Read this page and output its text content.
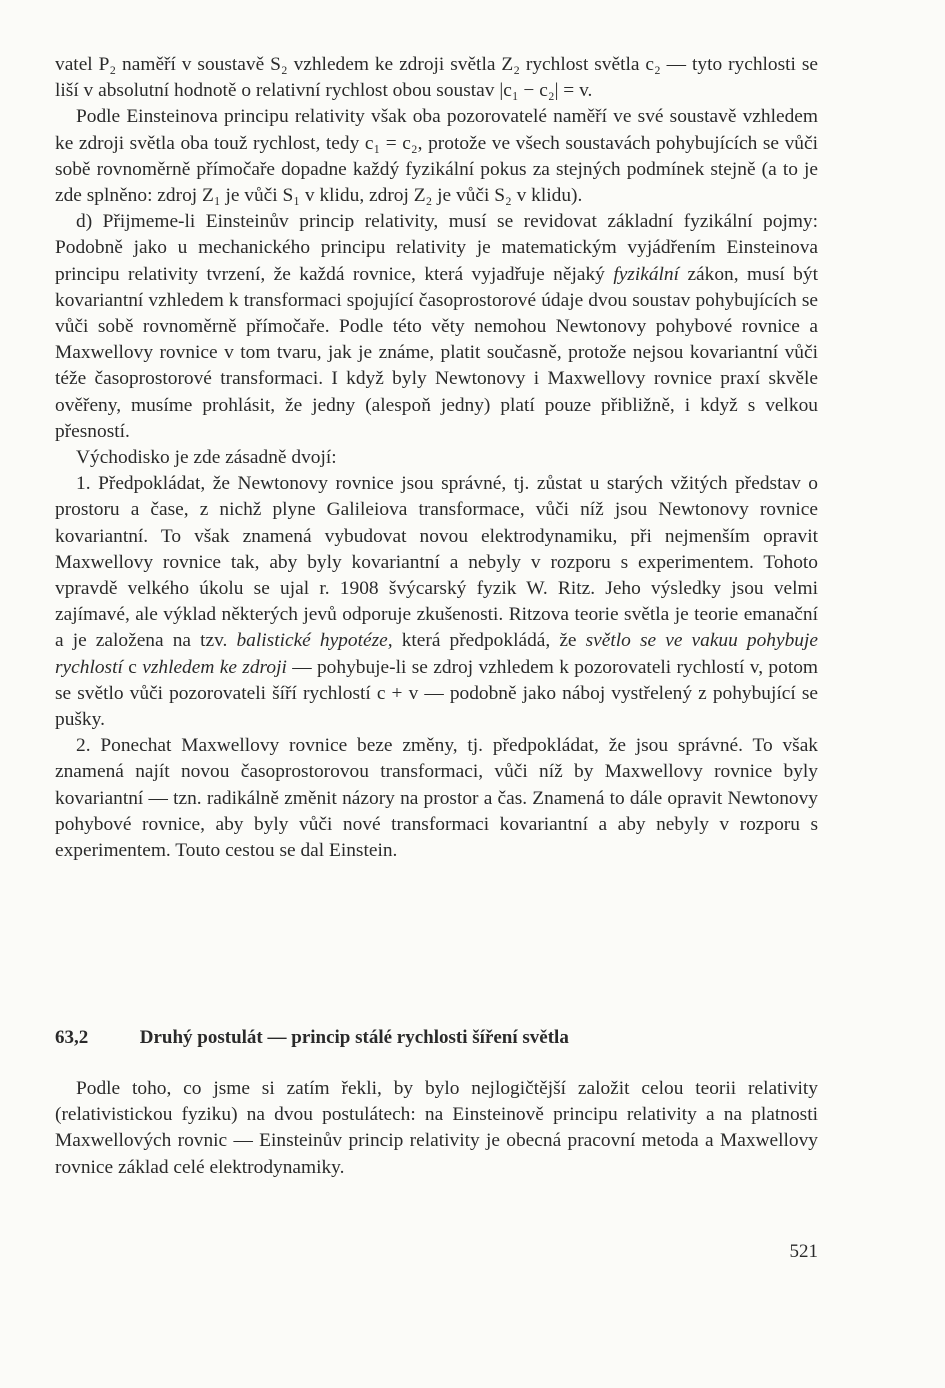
vatel P₂ naměří v soustavě S₂ vzhledem ke zdroji světla Z₂ rychlost světla c₂ — tyto rychlosti se liší v absolutní hodnotě o relativní rychlost obou soustav |c₁ − c₂| = v.

Podle Einsteinova principu relativity však oba pozorovatelé naměří ve své soustavě vzhledem ke zdroji světla oba touž rychlost, tedy c₁ = c₂, protože ve všech soustavách pohybujících se vůči sobě rovnoměrně přímočaře dopadne každý fyzikální pokus za stejných podmínek stejně (a to je zde splněno: zdroj Z₁ je vůči S₁ v klidu, zdroj Z₂ je vůči S₂ v klidu).

d) Přijmeme-li Einsteinův princip relativity, musí se revidovat základní fyzikální pojmy: Podobně jako u mechanického principu relativity je matematickým vyjádřením Einsteinova principu relativity tvrzení, že každá rovnice, která vyjadřuje nějaký fyzikální zákon, musí být kovariantní vzhledem k transformaci spojující časoprostorové údaje dvou soustav pohybujících se vůči sobě rovnoměrně přímočaře. Podle této věty nemohou Newtonovy pohybové rovnice a Maxwellovy rovnice v tom tvaru, jak je známe, platit současně, protože nejsou kovariantní vůči téže časoprostorové transformaci. I když byly Newtonovy i Maxwellovy rovnice praxí skvěle ověřeny, musíme prohlásit, že jedny (alespoň jedny) platí pouze přibližně, i když s velkou přesností.

Východisko je zde zásadně dvojí:

1. Předpokládat, že Newtonovy rovnice jsou správné, tj. zůstat u starých vžitých představ o prostoru a čase, z nichž plyne Galileiova transformace, vůči níž jsou Newtonovy rovnice kovariantní. To však znamená vybudovat novou elektrodynamiku, při nejmenším opravit Maxwellovy rovnice tak, aby byly kovariantní a nebyly v rozporu s experimentem. Tohoto vpravdě velkého úkolu se ujal r. 1908 švýcarský fyzik W. Ritz. Jeho výsledky jsou velmi zajímavé, ale výklad některých jevů odporuje zkušenosti. Ritzova teorie světla je teorie emanační a je založena na tzv. balistické hypotéze, která předpokládá, že světlo se ve vakuu pohybuje rychlostí c vzhledem ke zdroji — pohybuje-li se zdroj vzhledem k pozorovateli rychlostí v, potom se světlo vůči pozorovateli šíří rychlostí c + v — podobně jako náboj vystřelený z pohybující se pušky.

2. Ponechat Maxwellovy rovnice beze změny, tj. předpokládat, že jsou správné. To však znamená najít novou časoprostorovou transformaci, vůči níž by Maxwellovy rovnice byly kovariantní — tzn. radikálně změnit názory na prostor a čas. Znamená to dále opravit Newtonovy pohybové rovnice, aby byly vůči nové transformaci kovariantní a aby nebyly v rozporu s experimentem. Touto cestou se dal Einstein.

63,2	Druhý postulát — princip stálé rychlosti šíření světla

Podle toho, co jsme si zatím řekli, by bylo nejlogičtější založit celou teorii relativity (relativistickou fyziku) na dvou postulátech: na Einsteinově principu relativity a na platnosti Maxwellových rovnic — Einsteinův princip relativity je obecná pracovní metoda a Maxwellovy rovnice základ celé elektrodynamiky.

521
